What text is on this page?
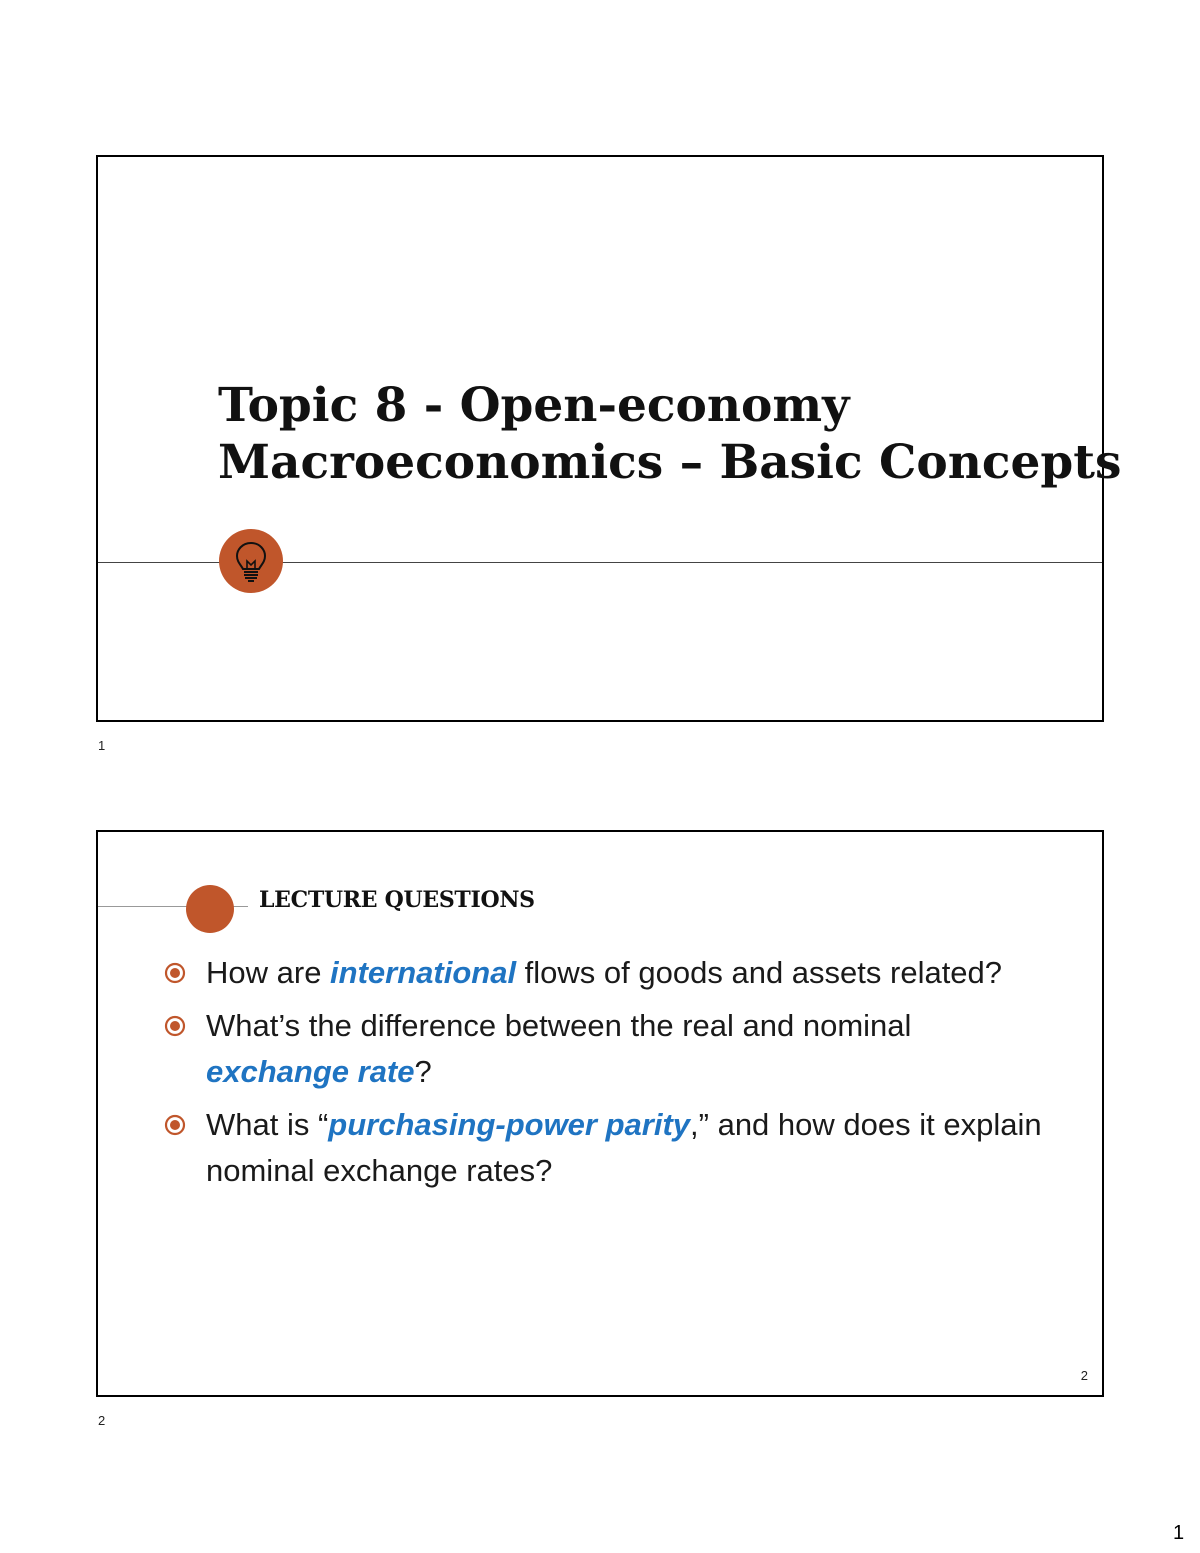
Topic 8 - Open-economy
Macroeconomics – Basic Concepts
1
LECTURE QUESTIONS
How are international flows of goods and assets related?
What’s the difference between the real and nominal exchange rate?
What is “purchasing-power parity,” and how does it explain nominal exchange rates?
2
2
1
